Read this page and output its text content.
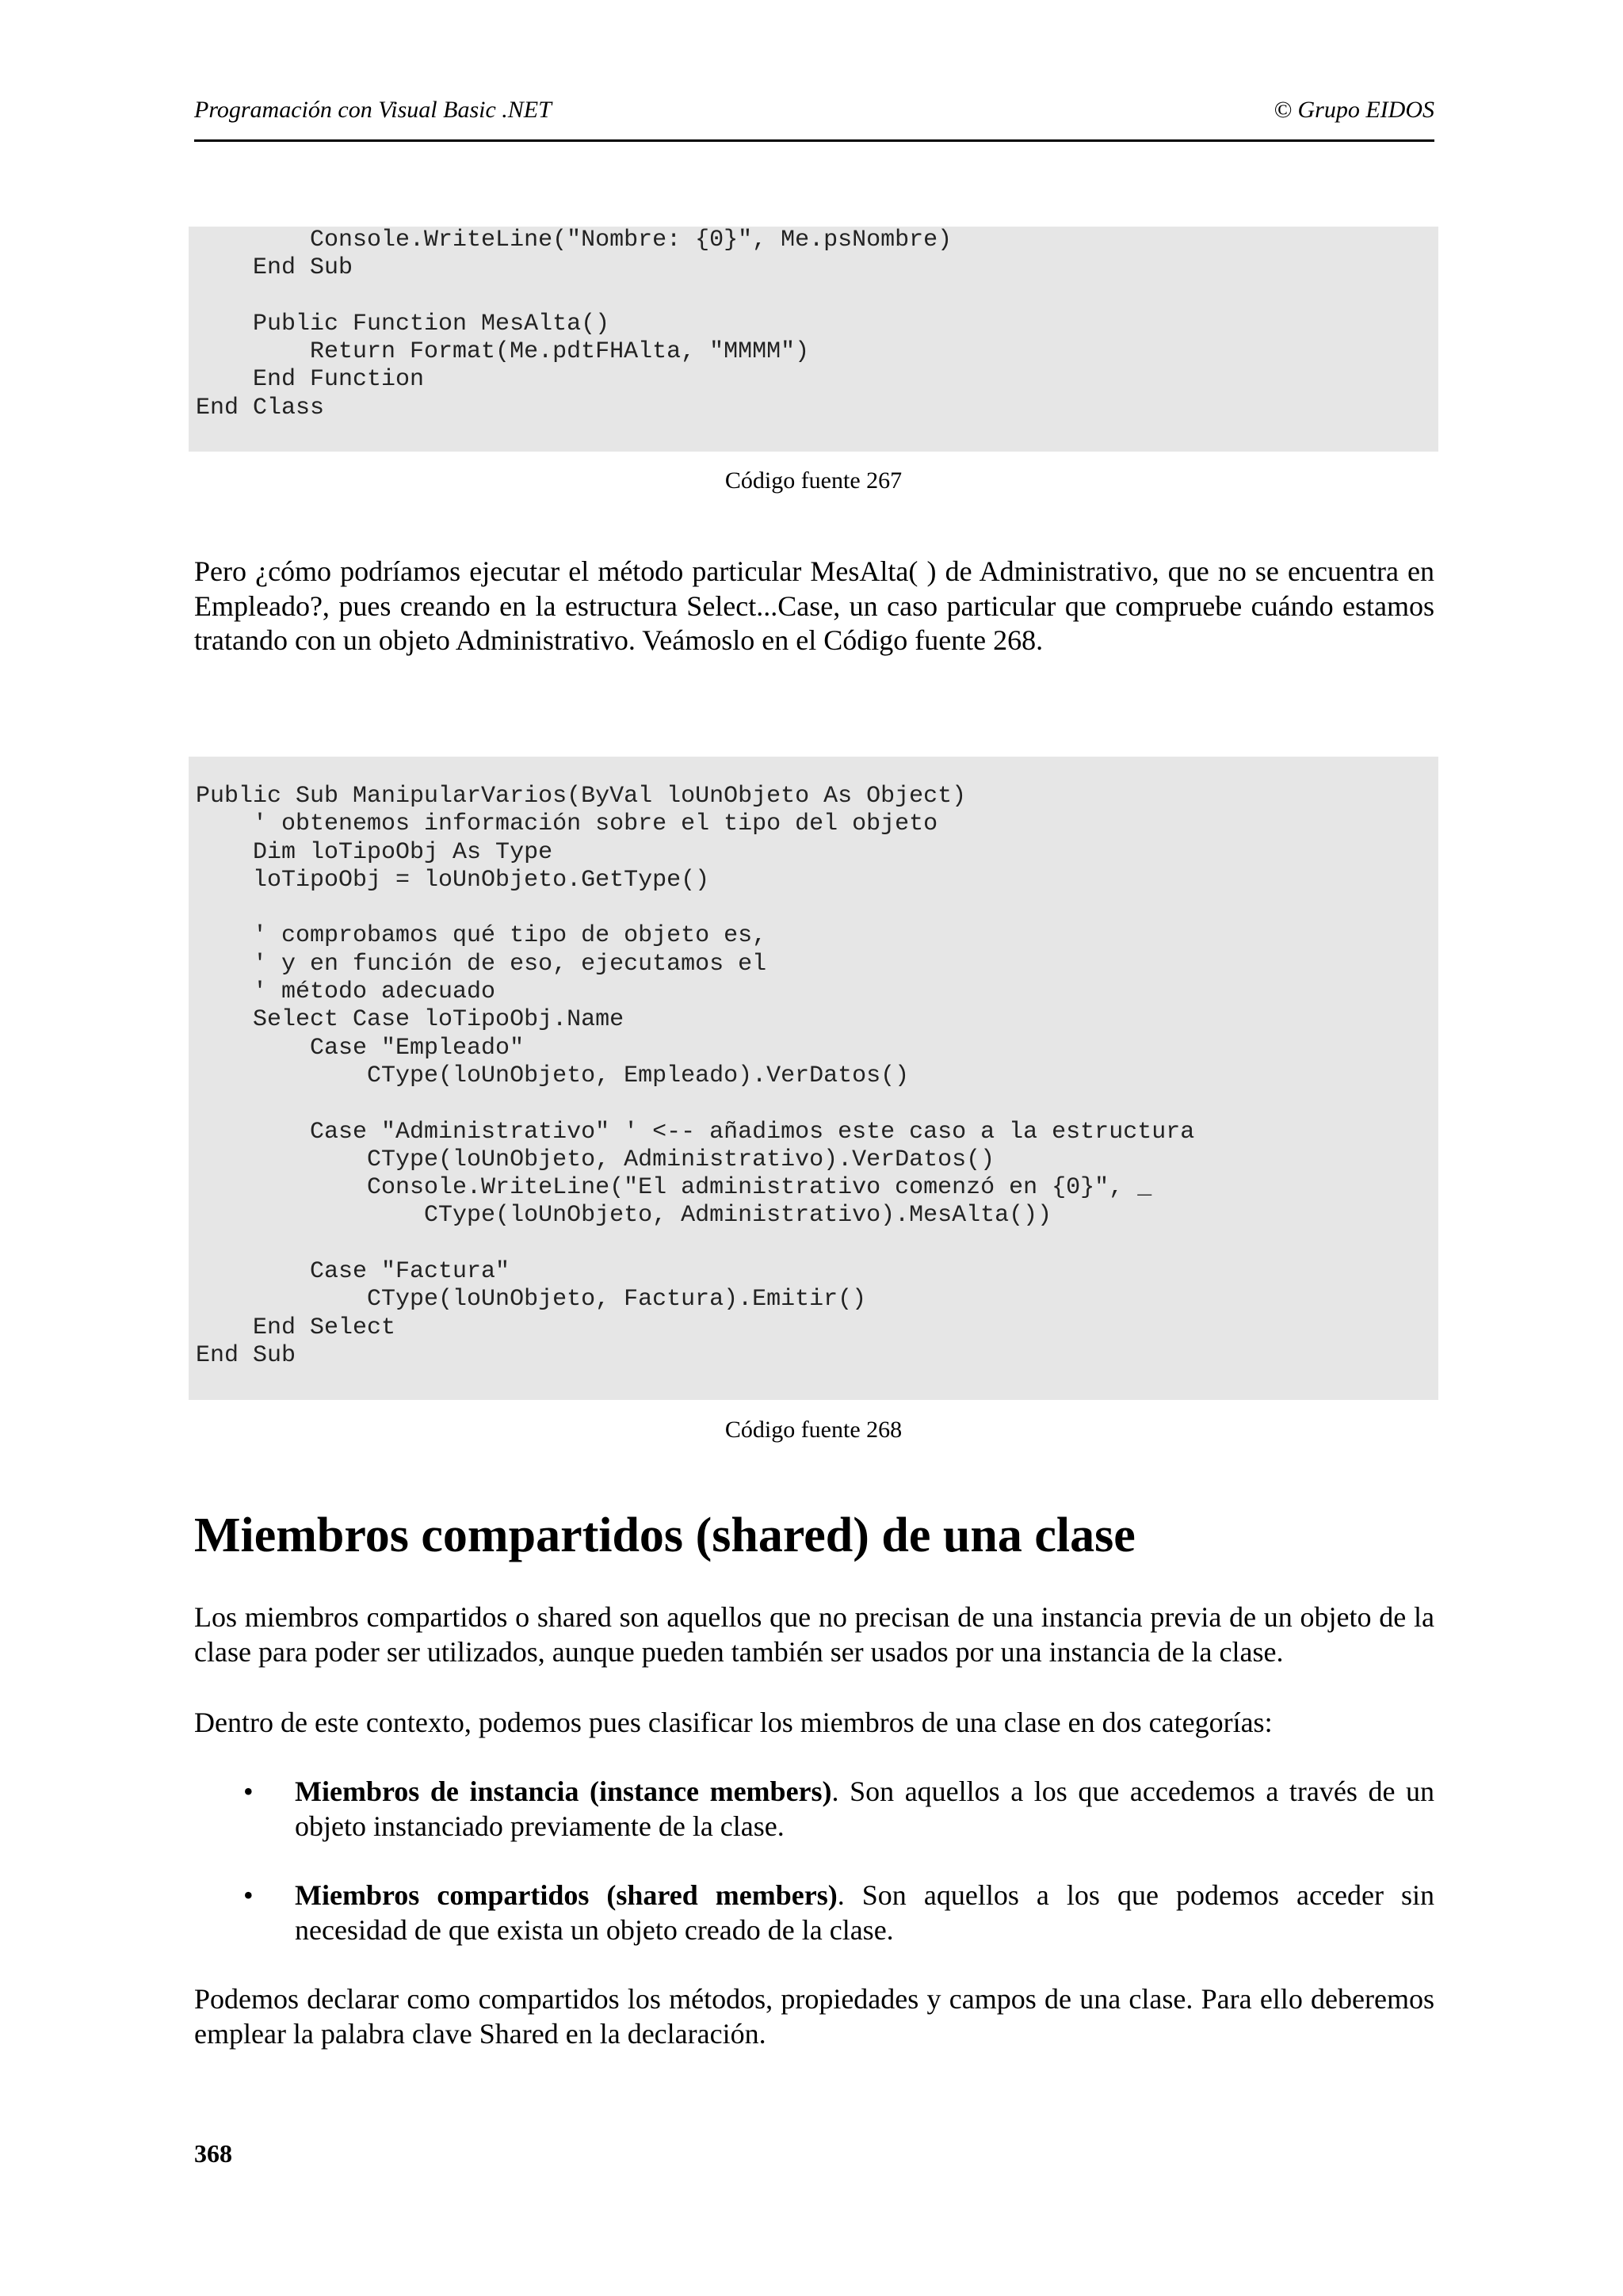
Programación con Visual Basic .NET	© Grupo EIDOS
Console.WriteLine("Nombre: {0}", Me.psNombre)
End Sub
Public Function MesAlta()
Return Format(Me.pdtFHAlta, "MMMM")
End Function
End Class
Código fuente 267

Pero ¿cómo podríamos ejecutar el método particular MesAlta( ) de Administrativo, que no se encuentra en Empleado?, pues creando en la estructura Select...Case, un caso particular que compruebe cuándo estamos tratando con un objeto Administrativo. Veámoslo en el Código fuente 268.

Public Sub ManipularVarios(ByVal loUnObjeto As Object)
' obtenemos información sobre el tipo del objeto
Dim loTipoObj As Type
loTipoObj = loUnObjeto.GetType()
' comprobamos qué tipo de objeto es,
' y en función de eso, ejecutamos el
' método adecuado
Select Case loTipoObj.Name
Case "Empleado"
CType(loUnObjeto, Empleado).VerDatos()
Case "Administrativo" ' <-- añadimos este caso a la estructura
CType(loUnObjeto, Administrativo).VerDatos()
Console.WriteLine("El administrativo comenzó en {0}", _
CType(loUnObjeto, Administrativo).MesAlta())
Case "Factura"
CType(loUnObjeto, Factura).Emitir()
End Select
End Sub
Código fuente 268
Miembros compartidos (shared) de una clase

Los miembros compartidos o shared son aquellos que no precisan de una instancia previa de un objeto de la clase para poder ser utilizados, aunque pueden también ser usados por una instancia de la clase.

Dentro de este contexto, podemos pues clasificar los miembros de una clase en dos categorías:

• Miembros de instancia (instance members). Son aquellos a los que accedemos a través de un objeto instanciado previamente de la clase.
• Miembros compartidos (shared members). Son aquellos a los que podemos acceder sin necesidad de que exista un objeto creado de la clase.

Podemos declarar como compartidos los métodos, propiedades y campos de una clase. Para ello deberemos emplear la palabra clave Shared en la declaración.

368
